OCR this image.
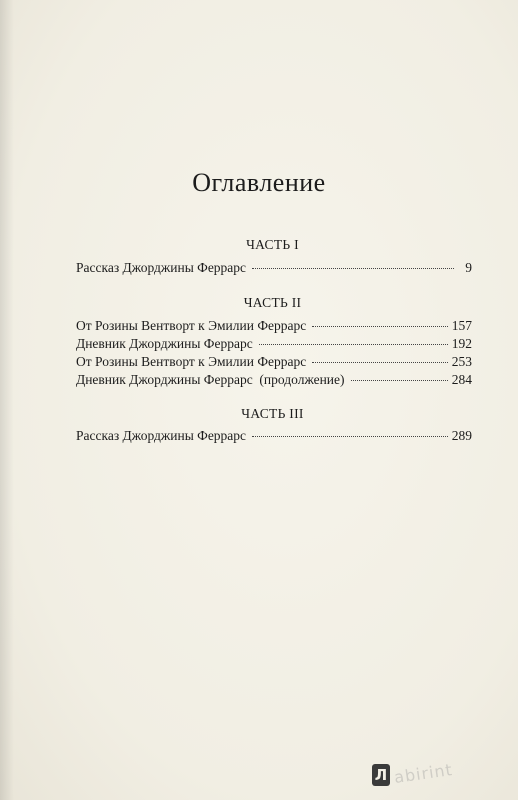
Оглавление
ЧАСТЬ I
Рассказ Джорджины Феррарс	9
ЧАСТЬ II
От Розины Вентворт к Эмилии Феррарс	157
Дневник Джорджины Феррарс	192
От Розины Вентворт к Эмилии Феррарс	253
Дневник Джорджины Феррарс  (продолжение)	284
ЧАСТЬ III
Рассказ Джорджины Феррарс	289
Л abirint
